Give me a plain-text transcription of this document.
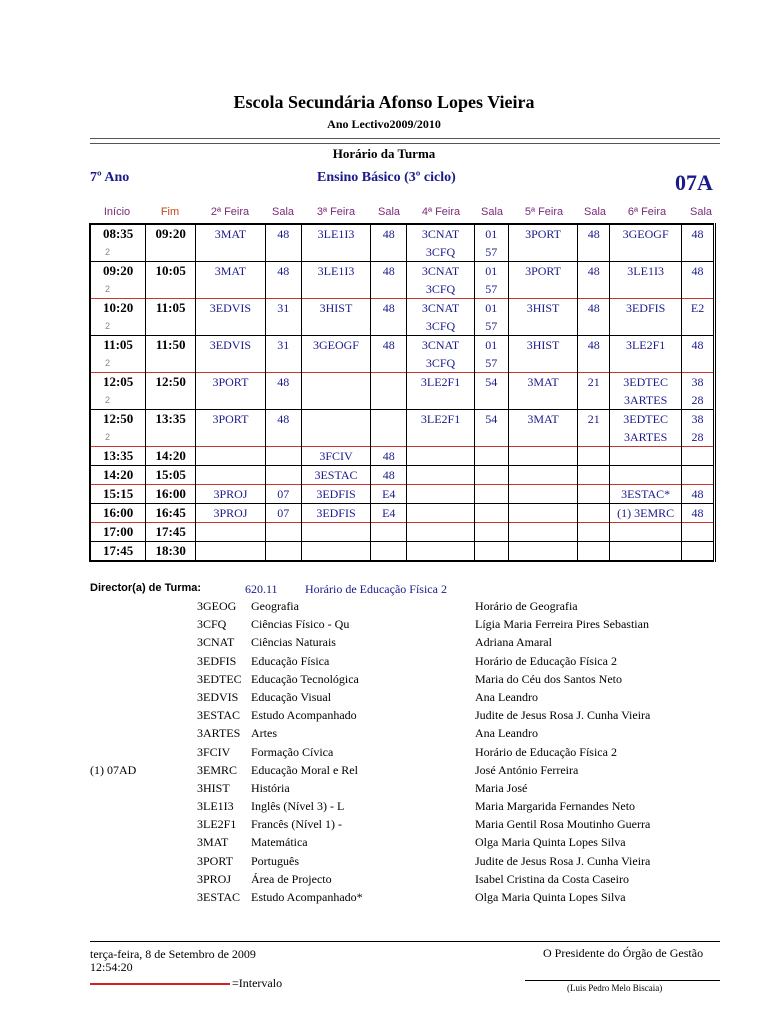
Escola Secundária Afonso Lopes Vieira
Ano Lectivo2009/2010
Horário da Turma
7º Ano	Ensino Básico (3º ciclo)	07A
Início	Fim	2ª Feira	Sala	3ª Feira	Sala	4ª Feira	Sala	5ª Feira	Sala	6ª Feira	Sala
08:35	09:20	3MAT	48	3LE1I3	48	3CNAT	01	3PORT	48	3GEOGF	48
2						3CFQ	57				
09:20	10:05	3MAT	48	3LE1I3	48	3CNAT	01	3PORT	48	3LE1I3	48
2						3CFQ	57				
10:20	11:05	3EDVIS	31	3HIST	48	3CNAT	01	3HIST	48	3EDFIS	E2
2						3CFQ	57				
11:05	11:50	3EDVIS	31	3GEOGF	48	3CNAT	01	3HIST	48	3LE2F1	48
2						3CFQ	57				
12:05	12:50	3PORT	48			3LE2F1	54	3MAT	21	3EDTEC	38
2										3ARTES	28
12:50	13:35	3PORT	48			3LE2F1	54	3MAT	21	3EDTEC	38
2										3ARTES	28
13:35	14:20			3FCIV	48						
14:20	15:05			3ESTAC	48						
15:15	16:00	3PROJ	07	3EDFIS	E4					3ESTAC*	48
16:00	16:45	3PROJ	07	3EDFIS	E4					(1) 3EMRC	48
17:00	17:45										
17:45	18:30										
Director(a) de Turma:	620.11 Horário de Educação Física 2
3GEOG Geografia	Horário de Geografia
3CFQ Ciências Físico - Qu	Lígia Maria Ferreira Pires Sebastian
3CNAT Ciências Naturais	Adriana Amaral
3EDFIS Educação Física	Horário de Educação Física 2
3EDTEC Educação Tecnológica	Maria do Céu dos Santos Neto
3EDVIS Educação Visual	Ana Leandro
3ESTAC Estudo Acompanhado	Judite de Jesus Rosa J. Cunha Vieira
3ARTES Artes	Ana Leandro
3FCIV Formação Cívica	Horário de Educação Física 2
(1) 07AD	3EMRC Educação Moral e Rel	José António Ferreira
3HIST História	Maria José
3LE1I3 Inglês (Nível 3) - L	Maria Margarida Fernandes Neto
3LE2F1 Francês (Nível 1) -	Maria Gentil Rosa Moutinho Guerra
3MAT Matemática	Olga Maria Quinta Lopes Silva
3PORT Português	Judite de Jesus Rosa J. Cunha Vieira
3PROJ Área de Projecto	Isabel Cristina da Costa Caseiro
3ESTAC Estudo Acompanhado*	Olga Maria Quinta Lopes Silva
terça-feira, 8 de Setembro de 2009
12:54:20
O Presidente do Órgão de Gestão
=Intervalo	(Luis Pedro Melo Biscaia)
